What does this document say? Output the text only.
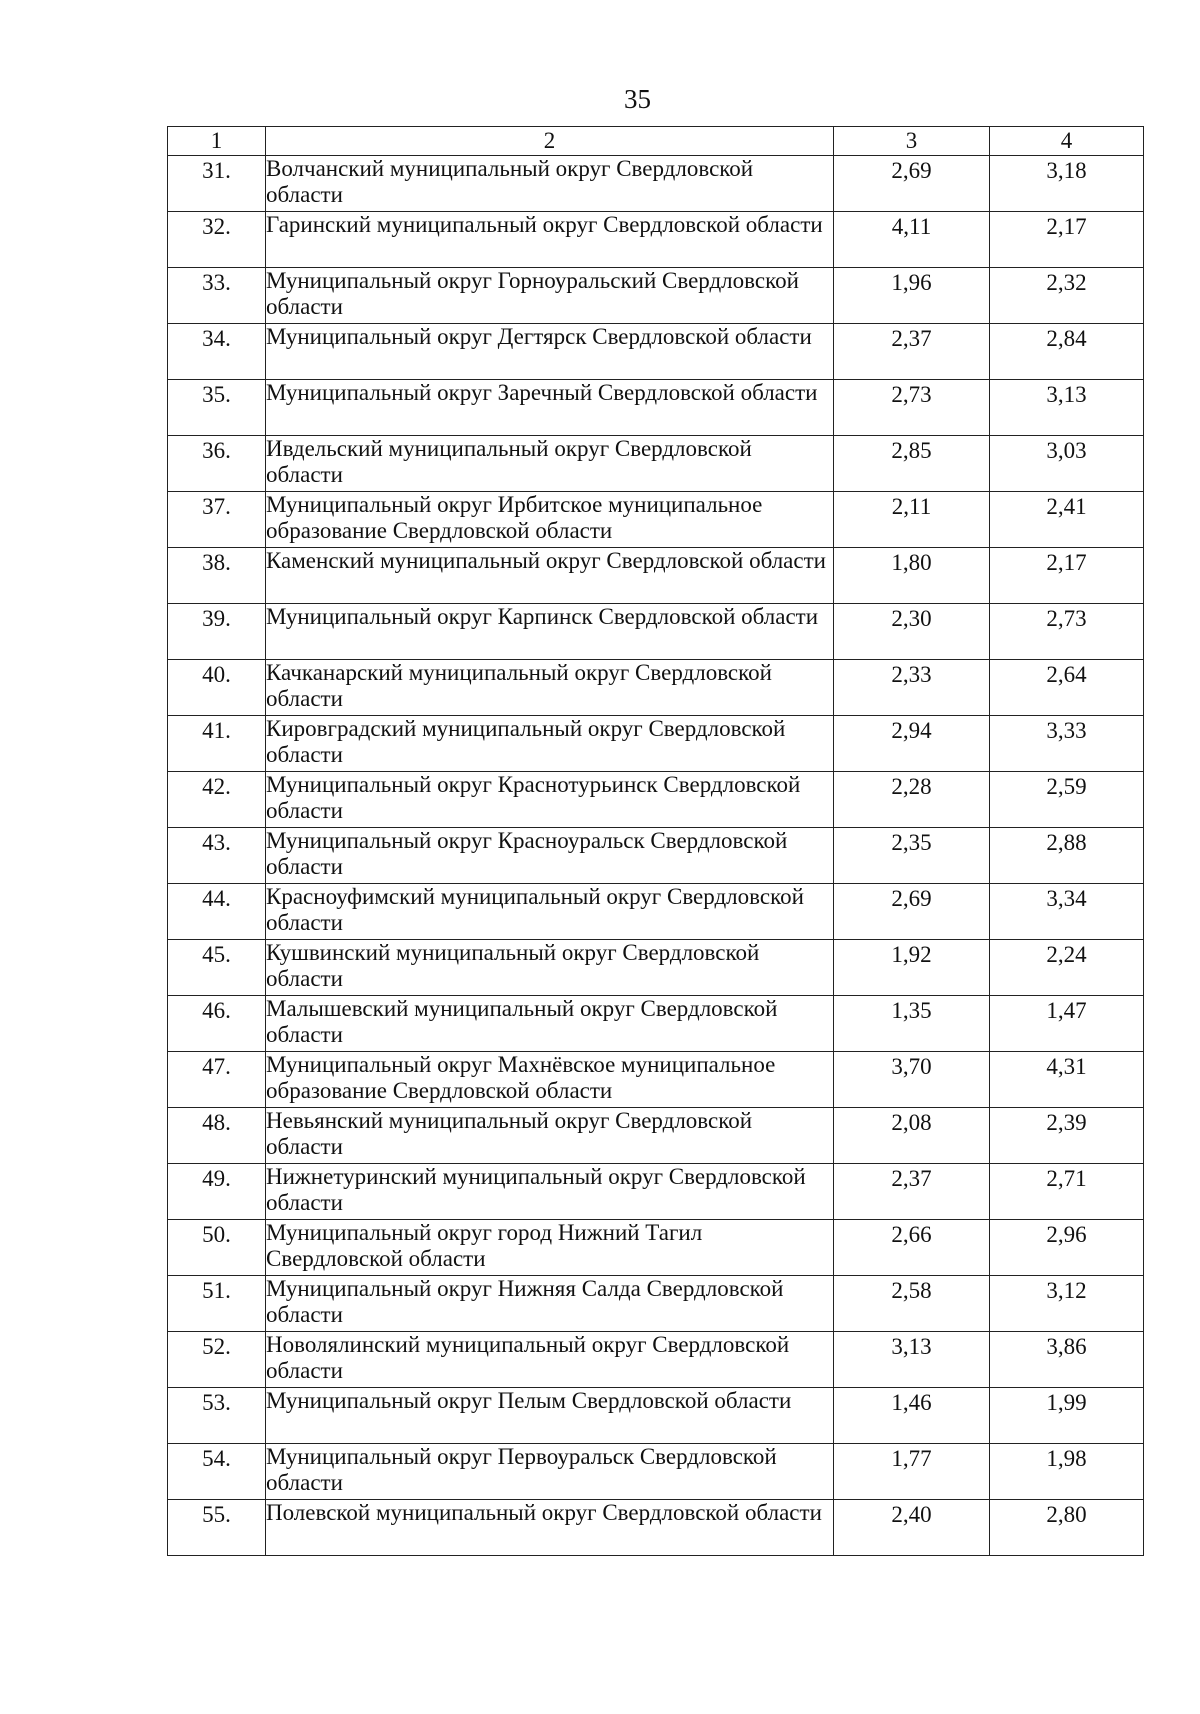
35
1	2	3	4
31.	Волчанский муниципальный округ Свердловской области	2,69	3,18
32.	Гаринский муниципальный округ Свердловской области	4,11	2,17
33.	Муниципальный округ Горноуральский Свердловской области	1,96	2,32
34.	Муниципальный округ Дегтярск Свердловской области	2,37	2,84
35.	Муниципальный округ Заречный Свердловской области	2,73	3,13
36.	Ивдельский муниципальный округ Свердловской области	2,85	3,03
37.	Муниципальный округ Ирбитское муниципальное образование Свердловской области	2,11	2,41
38.	Каменский муниципальный округ Свердловской области	1,80	2,17
39.	Муниципальный округ Карпинск Свердловской области	2,30	2,73
40.	Качканарский муниципальный округ Свердловской области	2,33	2,64
41.	Кировградский муниципальный округ Свердловской области	2,94	3,33
42.	Муниципальный округ Краснотурьинск Свердловской области	2,28	2,59
43.	Муниципальный округ Красноуральск Свердловской области	2,35	2,88
44.	Красноуфимский муниципальный округ Свердловской области	2,69	3,34
45.	Кушвинский муниципальный округ Свердловской области	1,92	2,24
46.	Малышевский муниципальный округ Свердловской области	1,35	1,47
47.	Муниципальный округ Махнёвское муниципальное образование Свердловской области	3,70	4,31
48.	Невьянский муниципальный округ Свердловской области	2,08	2,39
49.	Нижнетуринский муниципальный округ Свердловской области	2,37	2,71
50.	Муниципальный округ город Нижний Тагил Свердловской области	2,66	2,96
51.	Муниципальный округ Нижняя Салда Свердловской области	2,58	3,12
52.	Новолялинский муниципальный округ Свердловской области	3,13	3,86
53.	Муниципальный округ Пелым Свердловской области	1,46	1,99
54.	Муниципальный округ Первоуральск Свердловской области	1,77	1,98
55.	Полевской муниципальный округ Свердловской области	2,40	2,80
